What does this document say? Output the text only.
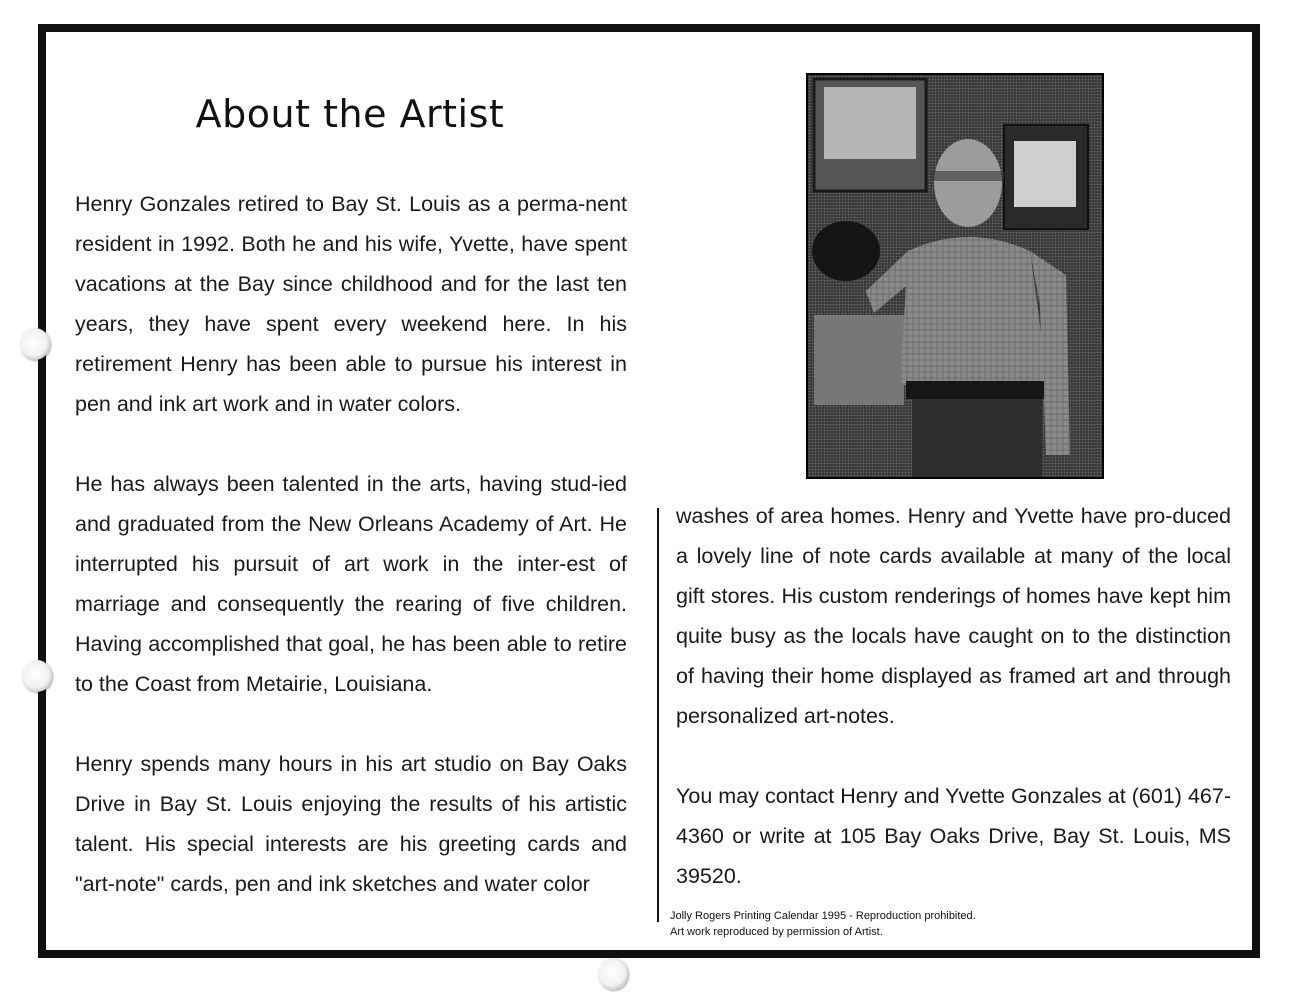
About the Artist

Henry Gonzales retired to Bay St. Louis as a perma-nent resident in 1992. Both he and his wife, Yvette, have spent vacations at the Bay since childhood and for the last ten years, they have spent every weekend here. In his retirement Henry has been able to pursue his interest in pen and ink art work and in water colors.

He has always been talented in the arts, having stud-ied and graduated from the New Orleans Academy of Art. He interrupted his pursuit of art work in the inter-est of marriage and consequently the rearing of five children. Having accomplished that goal, he has been able to retire to the Coast from Metairie, Louisiana.

Henry spends many hours in his art studio on Bay Oaks Drive in Bay St. Louis enjoying the results of his artistic talent. His special interests are his greeting cards and "art-note" cards, pen and ink sketches and water color

washes of area homes. Henry and Yvette have pro-duced a lovely line of note cards available at many of the local gift stores. His custom renderings of homes have kept him quite busy as the locals have caught on to the distinction of having their home displayed as framed art and through personalized art-notes.

You may contact Henry and Yvette Gonzales at (601) 467-4360 or write at 105 Bay Oaks Drive, Bay St. Louis, MS 39520.

Jolly Rogers Printing Calendar 1995 - Reproduction prohibited.
Art work reproduced by permission of Artist.
